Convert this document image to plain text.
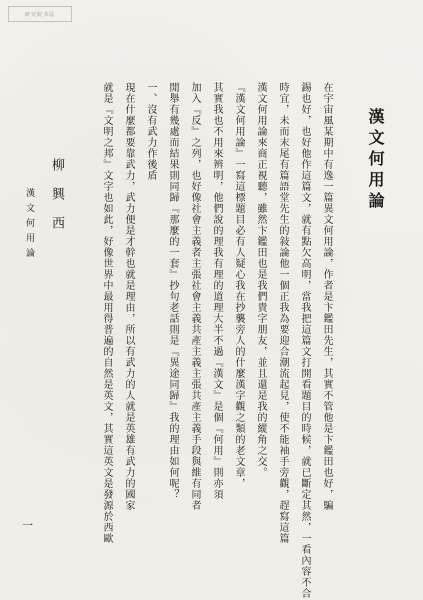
研究院书法
漢文何用論
柳興西
漢文何用論
一

在宇宙風某期中有逸一篇異文何用論，作者是卞鑑田先生，其實不管他是卞鑑田也好，騙

錫也好，也好他作這篇文，就有點欠高明，當我把這篇文打開看題目的時候，就已斷定其然，一看內容不合

時宜，未而末尾有篇語堂先生的敍論他一個正我為要迎合潮流起見，使不能袖手旁觀，趕寫這篇

漢文何用論來商正視聽，雖然卞鑑田也是我們貴字朋友，並且還是我的縱角之交。

『漢文何用論』一寫這標題目必有人疑心我在抄襲旁人的什麼漢字觀之類的老文章，

其實我也不用來辨明，他們說的理我有理的道理大半不過『漢文』是個『何用』則亦須

加入『反』之列，也好像社會主義者主張社會主義共產主義主張共產主義手段與維有同者

閒舉有幾處而結果則同歸『那麼的一套』抄句老話則是『異途同歸』我的理由如何呢？

一、沒有武力作後盾

現在什麼都要靠武力，武力便是才幹也就是理由，所以有武力的人就是英雄有武力的國家

就是『文明之邦』文字也如此，好像世界中最用得普遍的自然是英文，其實這英文是發源於西歐
